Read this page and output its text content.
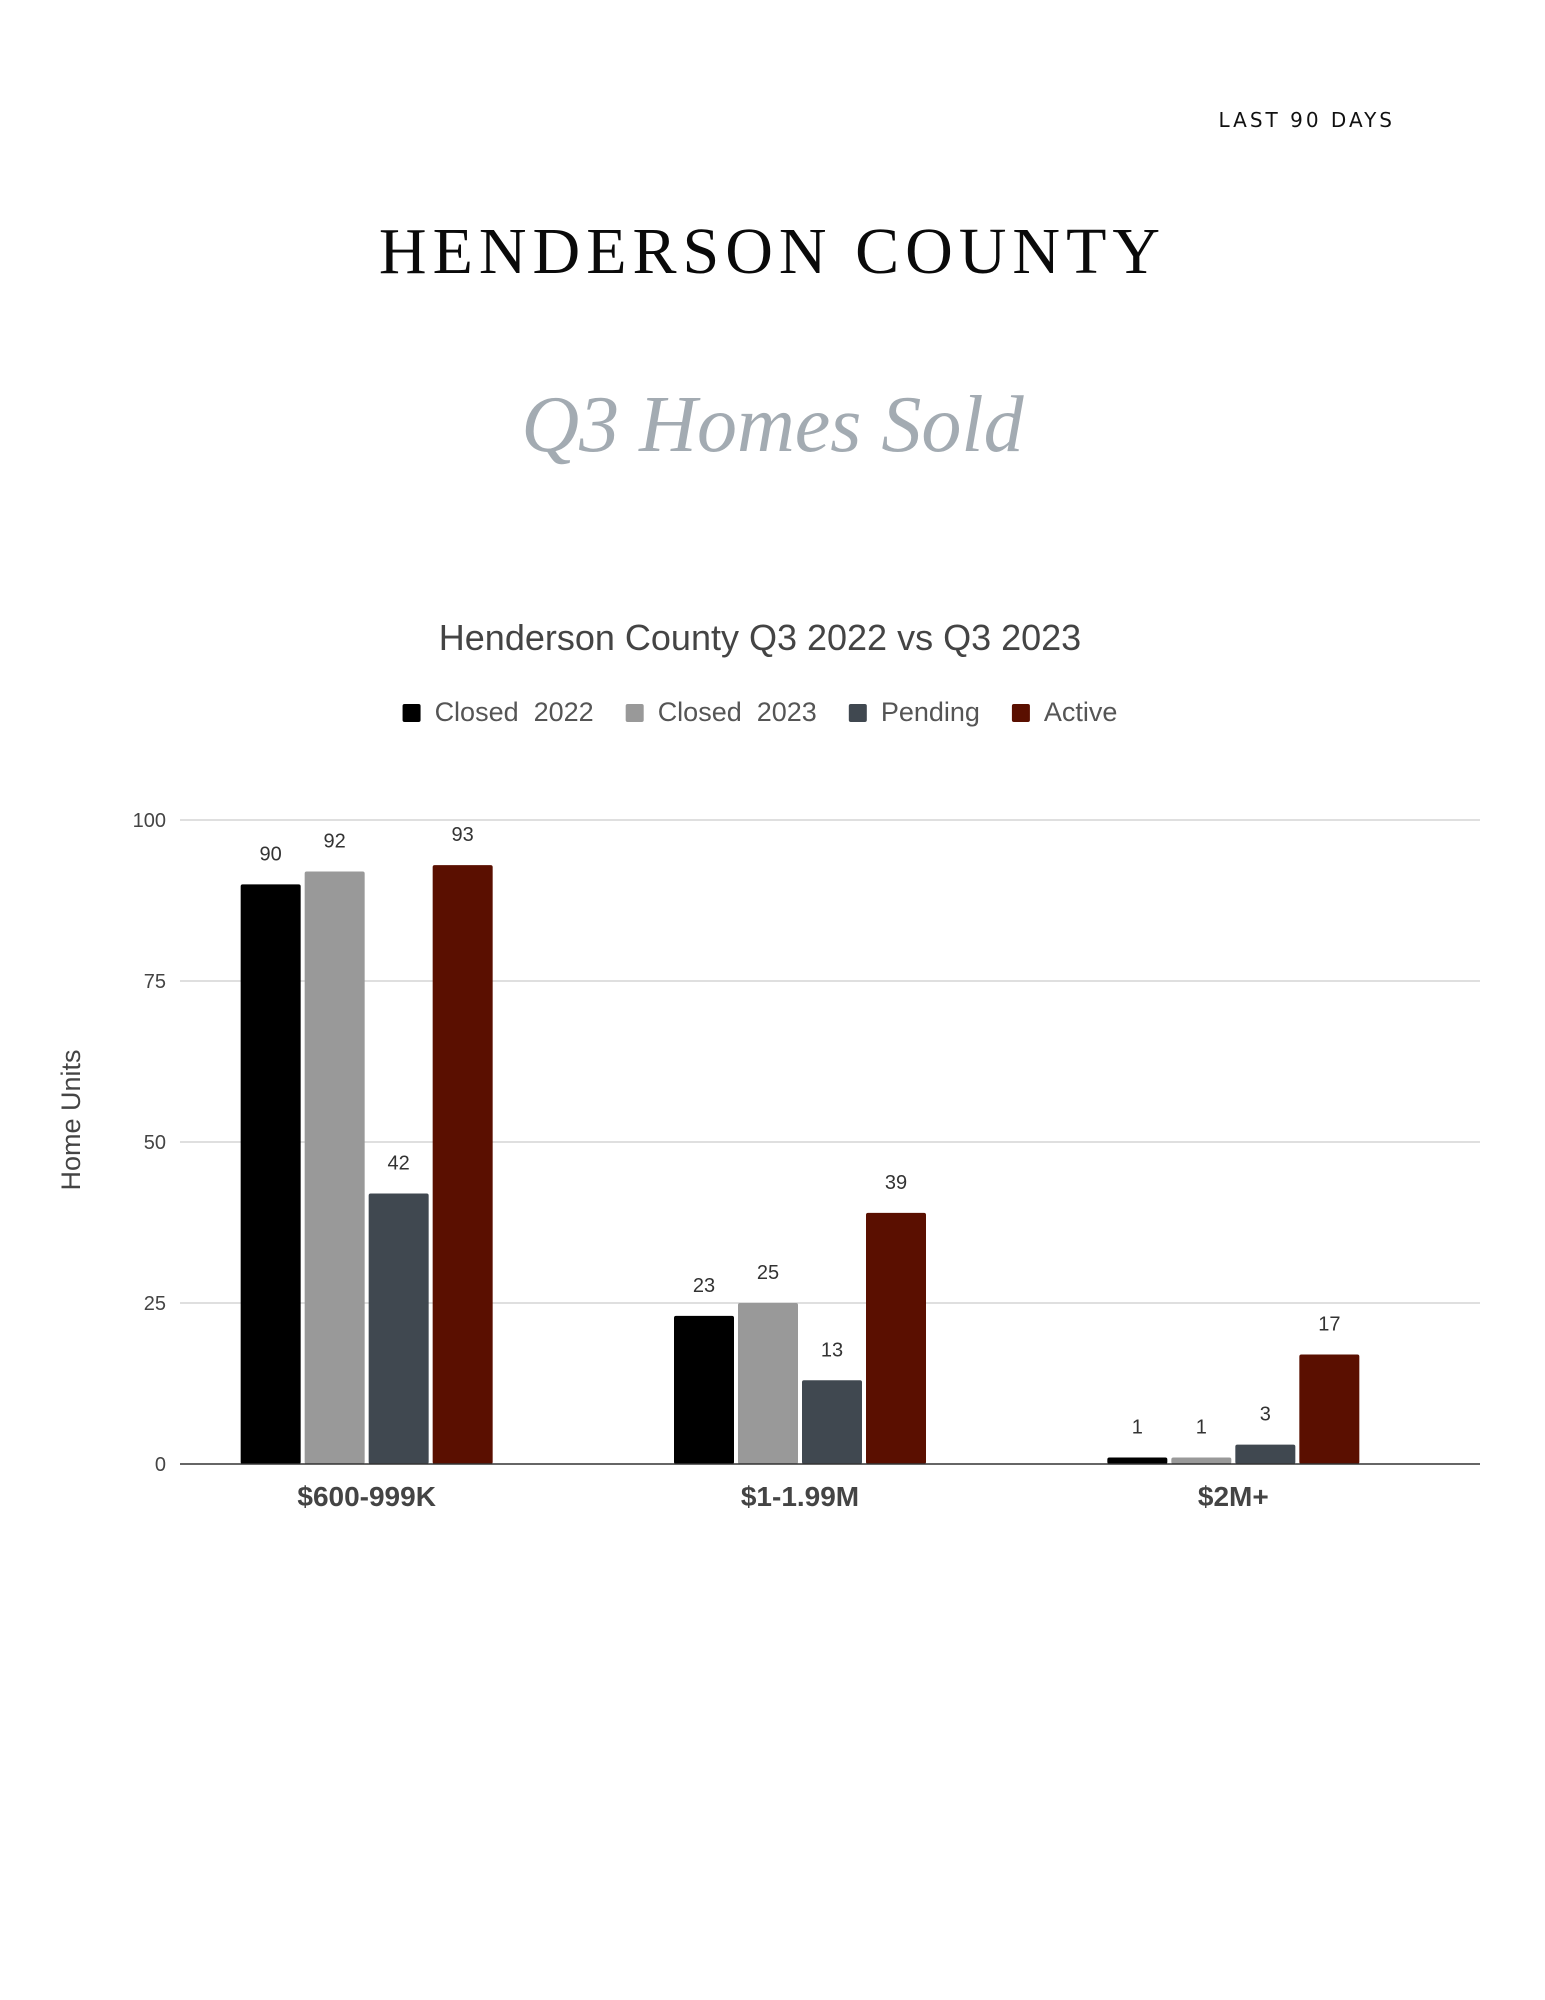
LAST 90 DAYS
HENDERSON COUNTY
Q3 Homes Sold
Henderson County Q3 2022 vs Q3 2023
Closed  2022 Closed  2023 Pending Active
0
25
50
75
100
90
92
42
93
23
25
13
39
1	1
3
17
$600-999K	$1-1.99M	$2M+
Home Units
